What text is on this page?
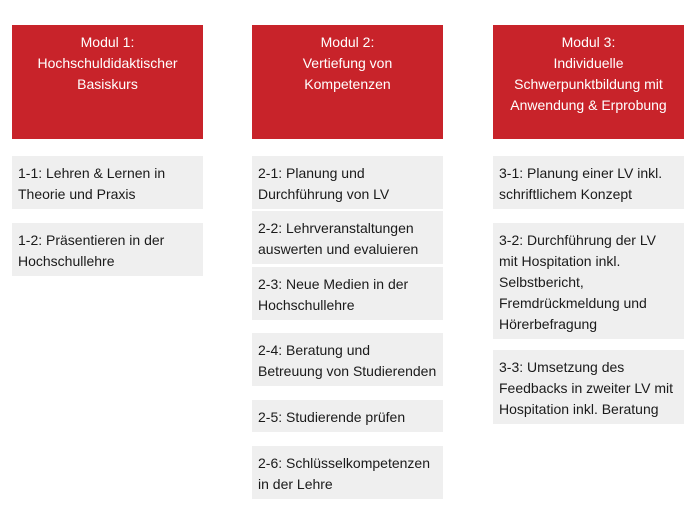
Modul 1:
Hochschuldidaktischer
Basiskurs
1-1: Lehren & Lernen in
Theorie und Praxis
1-2: Präsentieren in der
Hochschullehre
Modul 2:
Vertiefung von
Kompetenzen
2-1: Planung und
Durchführung von LV
2-2: Lehrveranstaltungen
auswerten und evaluieren
2-3: Neue Medien in der
Hochschullehre
2-4: Beratung und
Betreuung von Studierenden
2-5: Studierende prüfen
2-6: Schlüsselkompetenzen
in der Lehre
Modul 3:
Individuelle
Schwerpunktbildung mit
Anwendung & Erprobung
3-1: Planung einer LV inkl.
schriftlichem Konzept
3-2: Durchführung der LV
mit Hospitation inkl.
Selbstbericht,
Fremdrückmeldung und
Hörerbefragung
3-3: Umsetzung des
Feedbacks in zweiter LV mit
Hospitation inkl. Beratung
